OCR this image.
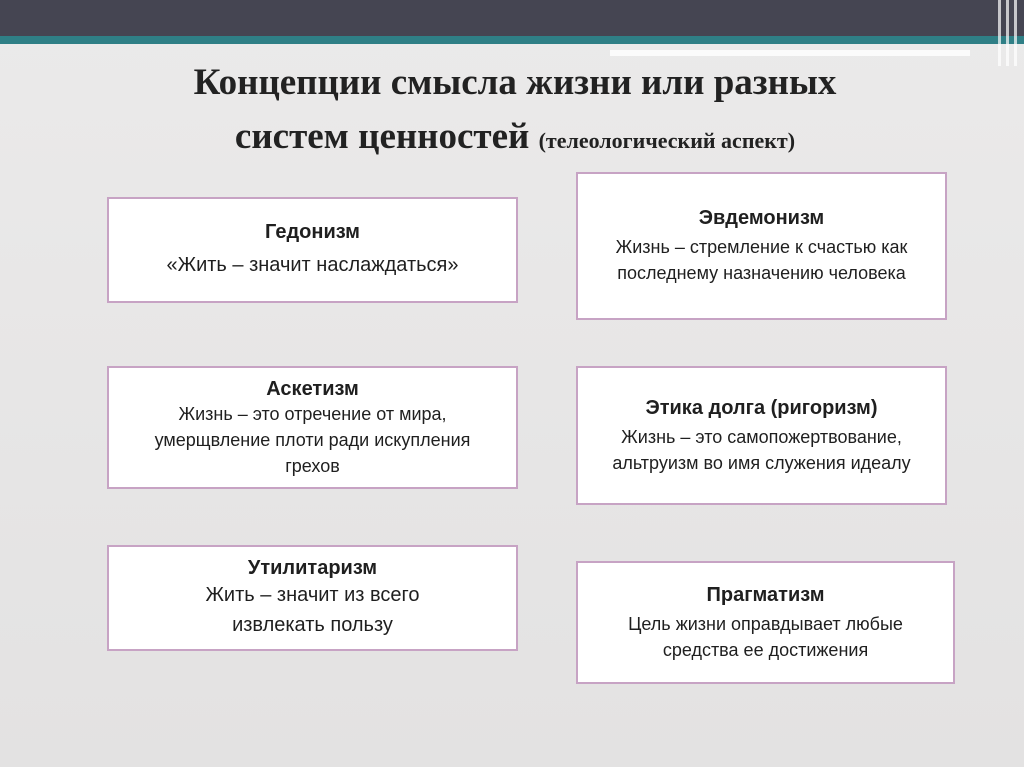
Концепции смысла жизни или разных
систем ценностей (телеологический аспект)
Гедонизм
«Жить – значит наслаждаться»
Аскетизм
Жизнь – это отречение от мира, умерщвление плоти ради искупления грехов
Утилитаризм
Жить – значит из всего извлекать пользу
Эвдемонизм
Жизнь – стремление к счастью как последнему назначению человека
Этика долга (ригоризм)
Жизнь – это самопожертвование, альтруизм во имя служения идеалу
Прагматизм
Цель жизни оправдывает любые средства ее достижения
